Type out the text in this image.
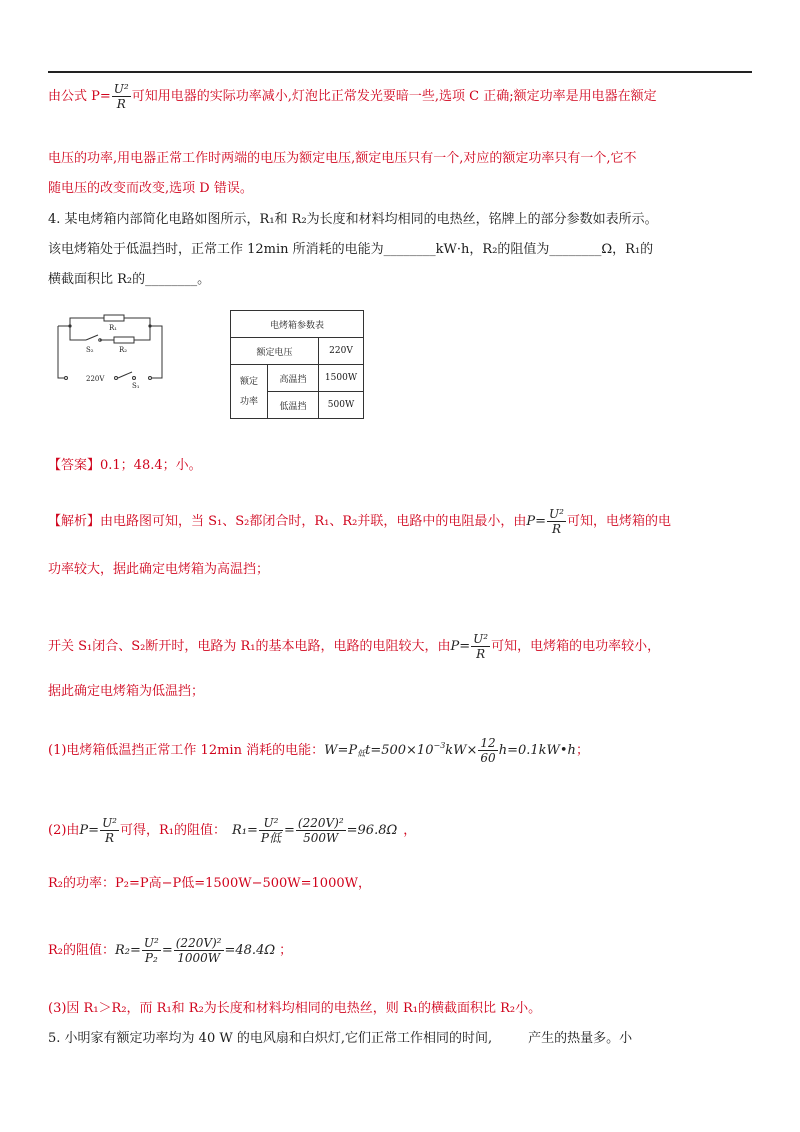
由公式 $P= \frac{\text{U²}}{R}$ 可知用电器的实际功率减小,灯泡比正常发光要暗一些,选项 C 正确;额定功率是用电器在额定
电压的功率,用电器正常工作时两端的电压为额定电压,额定电压只有一个,对应的额定功率只有一个,它不
随电压的改变而改变,选项 D 错误。
4. 某电烤箱内部简化电路如图所示，R₁和 R₂为长度和材料均相同的电热丝，铭牌上的部分参数如表所示。
该电烤箱处于低温挡时，正常工作 12min 所消耗的电能为________kW·h，R₂的阻值为________Ω，R₁的
横截面积比 R₂的________。
R₁
R₂
S₂
S₁
220V
电烤箱参数表		
额定电压		220V

额定
功率	高温挡	1500W
	低温挡	500W
【答案】0.1；48.4；小。
【解析】由电路图可知，当 S₁、S₂都闭合时，R₁、R₂并联，电路中的电阻最小，由$P= \frac{\text{U²}}{R}$ 可知，电烤箱的电
功率较大，据此确定电烤箱为高温挡；
开关 S₁闭合、S₂断开时，电路为 R₁的基本电路，电路的电阻较大，由$P= \frac{\text{U²}}{R}$ 可知，电烤箱的电功率较小，
据此确定电烤箱为低温挡；
(1)电烤箱低温挡正常工作 12min 消耗的电能：$W=P_低t=500\times 10^{-3}kW\times \frac{12}{60}$ h=0.1kW•h；
(2)由$P= \frac{\text{U²}}{R}$ 可得，R₁的阻值： $R_1= \frac{\text{U²}}{\text{P低}} = \frac{\text{(220V)²}}{500W} =96.8\Omega$ ，
R₂的功率：P₂=P高−P低=1500W−500W=1000W，
R₂的阻值：$R_2= \frac{\text{U²}}{\text{P₂}} = \frac{\text{(220V)²}}{1000W} =48.4\Omega$ ；
(3)因 R₁＞R₂，而 R₁和 R₂为长度和材料均相同的电热丝，则 R₁的横截面积比 R₂小。
5. 小明家有额定功率均为 40 W 的电风扇和白炽灯,它们正常工作相同的时间,	产生的热量多。小
